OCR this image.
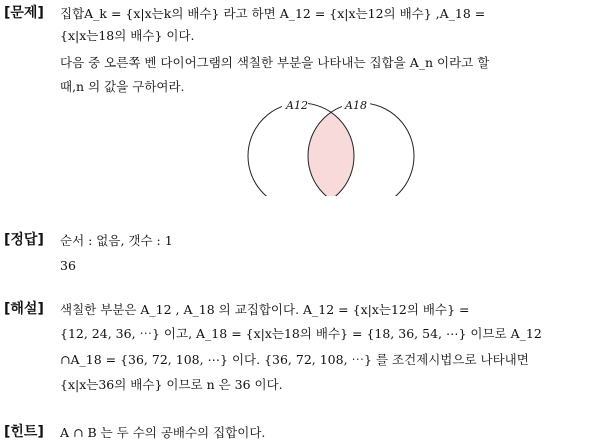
[문제] 집합A_k = {x|x는k의 배수} 라고 하면 A_12 = {x|x는12의 배수} ,A_18 =
{x|x는18의 배수} 이다.
다음 중 오른쪽 벤 다이어그램의 색칠한 부분을 나타내는 집합을 A_n 이라고 할
때,n 의 값을 구하여라.
A12	A18
[정답] 순서 : 없음, 갯수 : 1
36
[해설] 색칠한 부분은 A_12 , A_18 의 교집합이다. A_12 = {x|x는12의 배수} =
{12, 24, 36, ⋯} 이고, A_18 = {x|x는18의 배수} = {18, 36, 54, ⋯} 이므로 A_12
∩A_18 = {36, 72, 108, ⋯} 이다. {36, 72, 108, ⋯} 를 조건제시법으로 나타내면
{x|x는36의 배수} 이므로 n 은 36 이다.
[힌트] A ∩ B 는 두 수의 공배수의 집합이다.
